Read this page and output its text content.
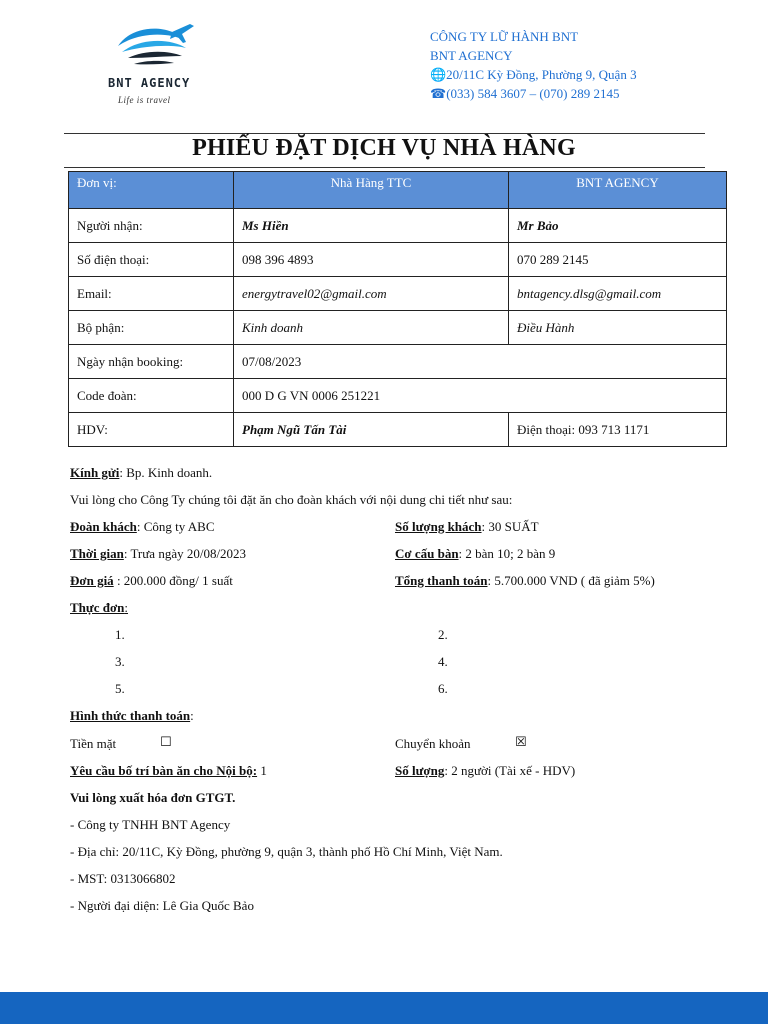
BNT AGENCY
Life is travel
CÔNG TY LỮ HÀNH BNT
BNT AGENCY
🌐20/11C Kỳ Đồng, Phường 9, Quận 3
☎(033) 584 3607 – (070) 289 2145
PHIẾU ĐẶT DỊCH VỤ NHÀ HÀNG
Đơn vị:	Nhà Hàng TTC	BNT AGENCY
Người nhận:	Ms Hiền	Mr Bảo
Số điện thoại:	098 396 4893	070 289 2145
Email:	energytravel02@gmail.com	bntagency.dlsg@gmail.com
Bộ phận:	Kinh doanh	Điều Hành
Ngày nhận booking:	07/08/2023	
Code đoàn:	000 D G VN 0006 251221	
HDV:	Phạm Ngũ Tấn Tài	Điện thoại: 093 713 1171
Kính gửi: Bp. Kinh doanh.
Vui lòng cho Công Ty chúng tôi đặt ăn cho đoàn khách với nội dung chi tiết như sau:
Đoàn khách: Công ty ABC	Số lượng khách: 30 SUẤT
Thời gian: Trưa ngày 20/08/2023	Cơ cấu bàn: 2 bàn 10; 2 bàn 9
Đơn giá : 200.000 đồng/ 1 suất	Tổng thanh toán: 5.700.000 VND ( đã giảm 5%)
Thực đơn:
1.	2.
3.	4.
5.	6.
Hình thức thanh toán:
Tiền mặt	☐	Chuyển khoản	☒
Yêu cầu bố trí bàn ăn cho Nội bộ: 1	Số lượng: 2 người (Tài xế - HDV)
Vui lòng xuất hóa đơn GTGT.
- Công ty TNHH BNT Agency
- Địa chỉ: 20/11C, Kỳ Đồng, phường 9, quận 3, thành phố Hồ Chí Minh, Việt Nam.
- MST: 0313066802
- Người đại diện: Lê Gia Quốc Bảo
